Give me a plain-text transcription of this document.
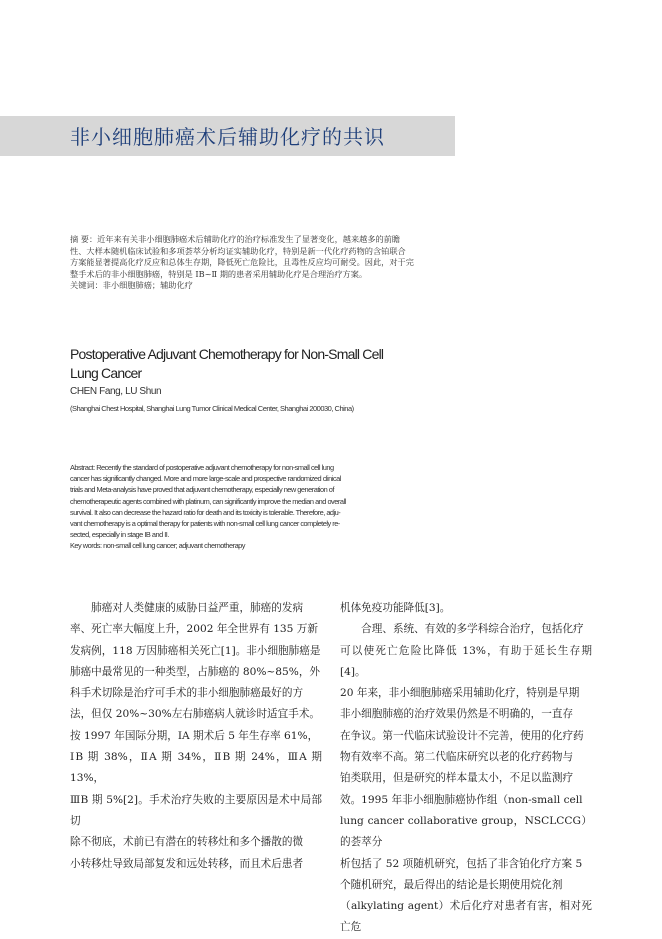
非小细胞肺癌术后辅助化疗的共识

摘 要：近年来有关非小细胞肺癌术后辅助化疗的治疗标准发生了显著变化，越来越多的前瞻

性、大样本随机临床试验和多项荟萃分析均证实辅助化疗，特别是新一代化疗药物的含铂联合

方案能显著提高化疗反应和总体生存期，降低死亡危险比，且毒性反应均可耐受。因此，对于完

整手术后的非小细胞肺癌，特别是 ⅠB~Ⅱ 期的患者采用辅助化疗是合理治疗方案。

关键词：非小细胞肺癌；辅助化疗

Postoperative Adjuvant Chemotherapy for Non-Small Cell
Lung Cancer
CHEN Fang, LU Shun
(Shanghai Chest Hospital, Shanghai Lung Tumor Clinical Medical Center, Shanghai 200030, China)

Abstract: Recently the standard of postoperative adjuvant chemotherapy for non-small cell lung

cancer has significantly changed. More and more large-scale and prospective randomized clinical

trials and Meta-analysis have proved that adjuvant chemotherapy, especially new generation of

chemotherapeutic agents combined with platinum, can significantly improve the median and overall

survival. It also can decrease the hazard ratio for death and its toxicity is tolerable. Therefore, adju-

vant chemotherapy is a optimal therapy for patients with non-small cell lung cancer completely re-

sected, especially in stage IB and II.

Key words: non-small cell lung cancer; adjuvant chemotherapy

　　肺癌对人类健康的威胁日益严重，肺癌的发病

率、死亡率大幅度上升，2002 年全世界有 135 万新

发病例，118 万因肺癌相关死亡[1]。非小细胞肺癌是

肺癌中最常见的一种类型，占肺癌的 80%~85%，外

科手术切除是治疗可手术的非小细胞肺癌最好的方

法，但仅 20%~30%左右肺癌病人就诊时适宜手术。

按 1997 年国际分期，ⅠA 期术后 5 年生存率 61%，

ⅠB 期 38%，ⅡA 期 34%，ⅡB 期 24%，ⅢA 期 13%，

ⅢB 期 5%[2]。手术治疗失败的主要原因是术中局部切

除不彻底，术前已有潜在的转移灶和多个播散的微

小转移灶导致局部复发和远处转移，而且术后患者

机体免疫功能降低[3]。

　　合理、系统、有效的多学科综合治疗，包括化疗

可以使死亡危险比降低 13%，有助于延长生存期[4]。

20 年来，非小细胞肺癌采用辅助化疗，特别是早期

非小细胞肺癌的治疗效果仍然是不明确的，一直存

在争议。第一代临床试验设计不完善，使用的化疗药

物有效率不高。第二代临床研究以老的化疗药物与

铂类联用，但是研究的样本量太小，不足以监测疗

效。1995 年非小细胞肺癌协作组（non-small cell

lung cancer collaborative group，NSCLCCG）的荟萃分

析包括了 52 项随机研究，包括了非含铂化疗方案 5

个随机研究，最后得出的结论是长期使用烷化剂

（alkylating agent）术后化疗对患者有害，相对死亡危
